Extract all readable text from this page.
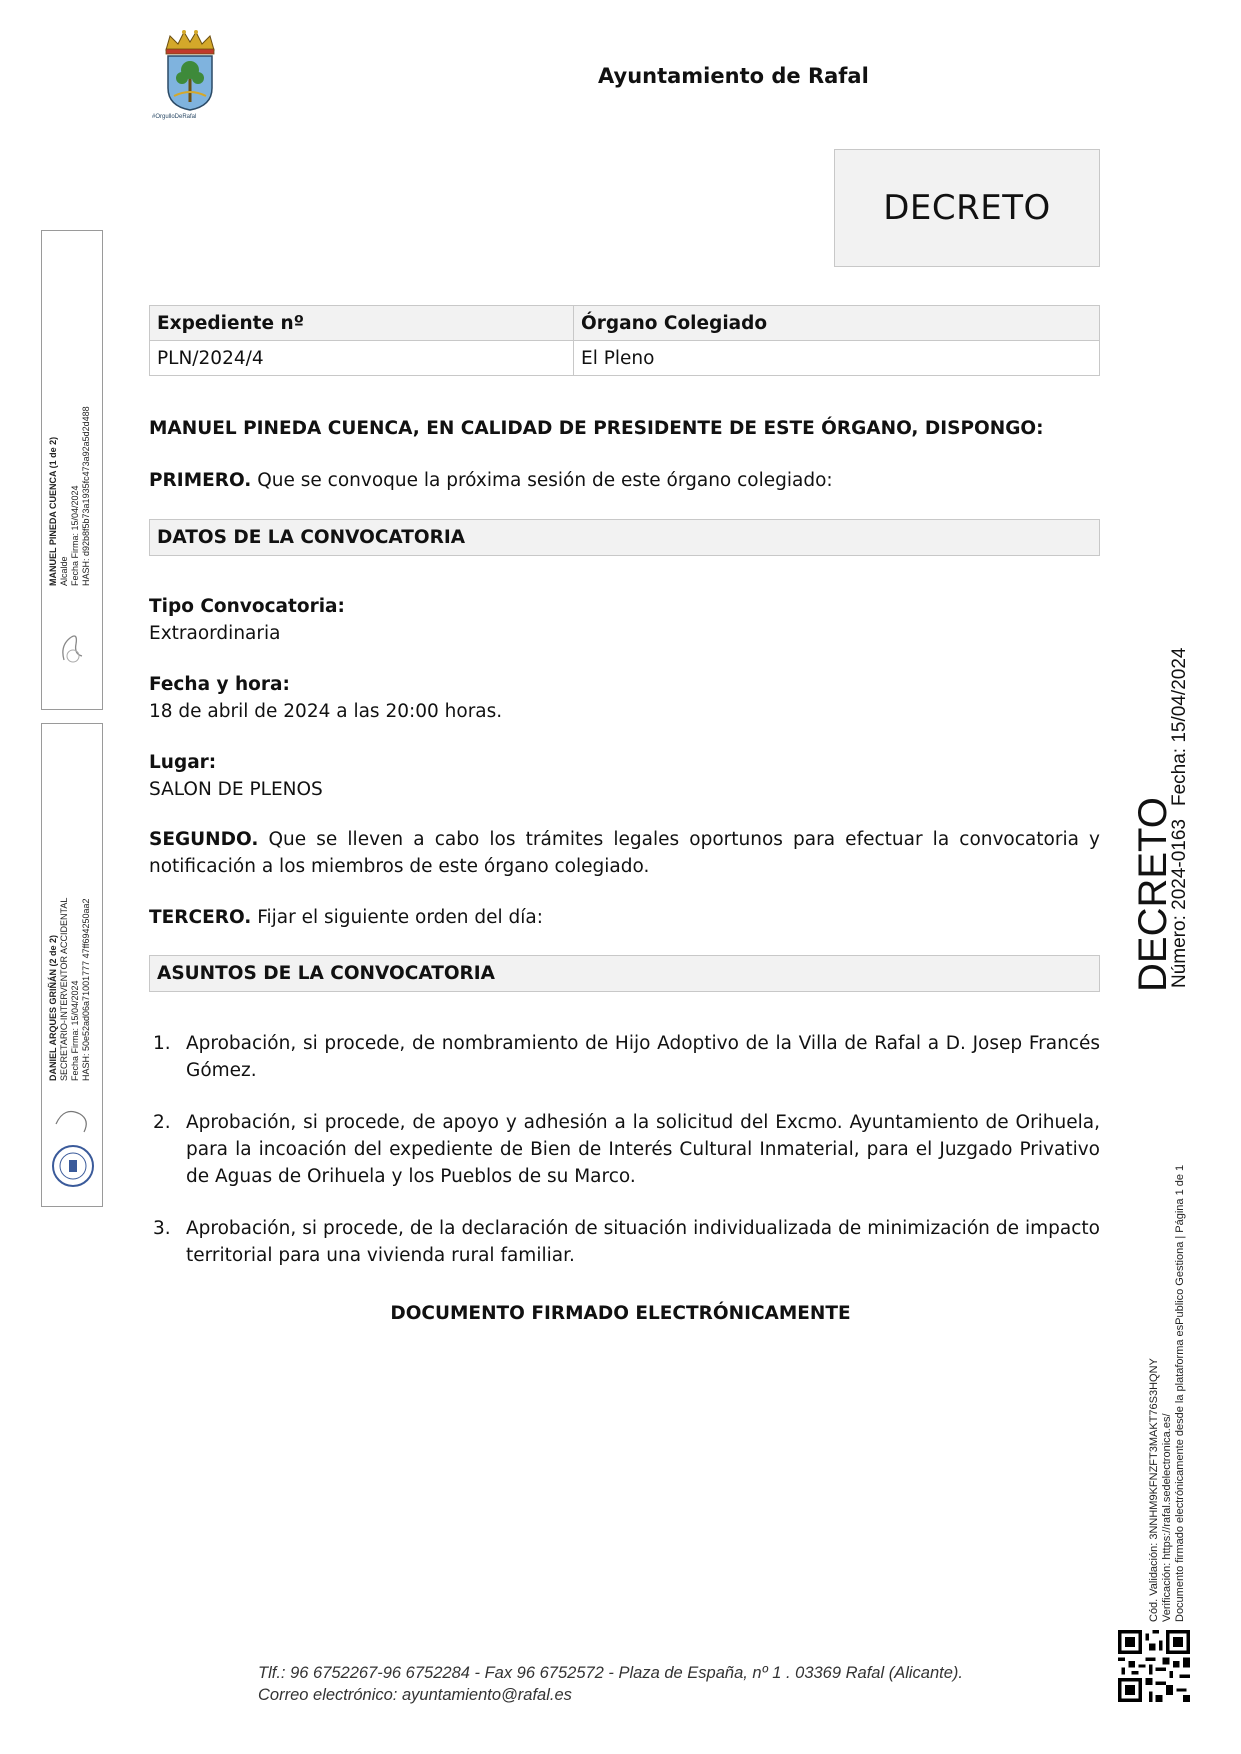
#OrgulloDeRafal
Ayuntamiento de Rafal
DECRETO
Expediente nº	Órgano Colegiado
PLN/2024/4	El Pleno
MANUEL PINEDA CUENCA, EN CALIDAD DE PRESIDENTE DE ESTE ÓRGANO, DISPONGO:
PRIMERO. Que se convoque la próxima sesión de este órgano colegiado:
DATOS DE LA CONVOCATORIA
Tipo Convocatoria:
Extraordinaria
Fecha y hora:
18 de abril de 2024 a las 20:00 horas.
Lugar:
SALON DE PLENOS
SEGUNDO. Que se lleven a cabo los trámites legales oportunos para efectuar la convocatoria y notificación a los miembros de este órgano colegiado.
TERCERO. Fijar el siguiente orden del día:
ASUNTOS DE LA CONVOCATORIA
1. Aprobación, si procede, de nombramiento de Hijo Adoptivo de la Villa de Rafal a D. Josep Francés Gómez.
2. Aprobación, si procede, de apoyo y adhesión a la solicitud del Excmo. Ayuntamiento de Orihuela, para la incoación del expediente de Bien de Interés Cultural Inmaterial, para el Juzgado Privativo de Aguas de Orihuela y los Pueblos de su Marco.
3. Aprobación, si procede, de la declaración de situación individualizada de minimización de impacto territorial para una vivienda rural familiar.
DOCUMENTO FIRMADO ELECTRÓNICAMENTE
MANUEL PINEDA CUENCA (1 de 2) Alcalde Fecha Firma: 15/04/2024 HASH: d92b8f5b73a1935fc473a92a5d2d488
DANIEL ARQUES GRIÑÁN (2 de 2) SECRETARIO-INTERVENTOR ACCIDENTAL Fecha Firma: 15/04/2024 HASH: 50e52ad06a71001777 47ff694250aa2	DECRETO
Número: 2024-0163
Fecha: 15/04/2024
Cód. Validación: 3NNHM9KFNZFT3MAKT76S3HQNY Verificación: https://rafal.sedelectronica.es/ Documento firmado electrónicamente desde la plataforma esPublico Gestiona | Página 1 de 1
Tlf.: 96 6752267-96 6752284 - Fax 96 6752572 - Plaza de España, nº 1 . 03369 Rafal (Alicante).
Correo electrónico: ayuntamiento@rafal.es
